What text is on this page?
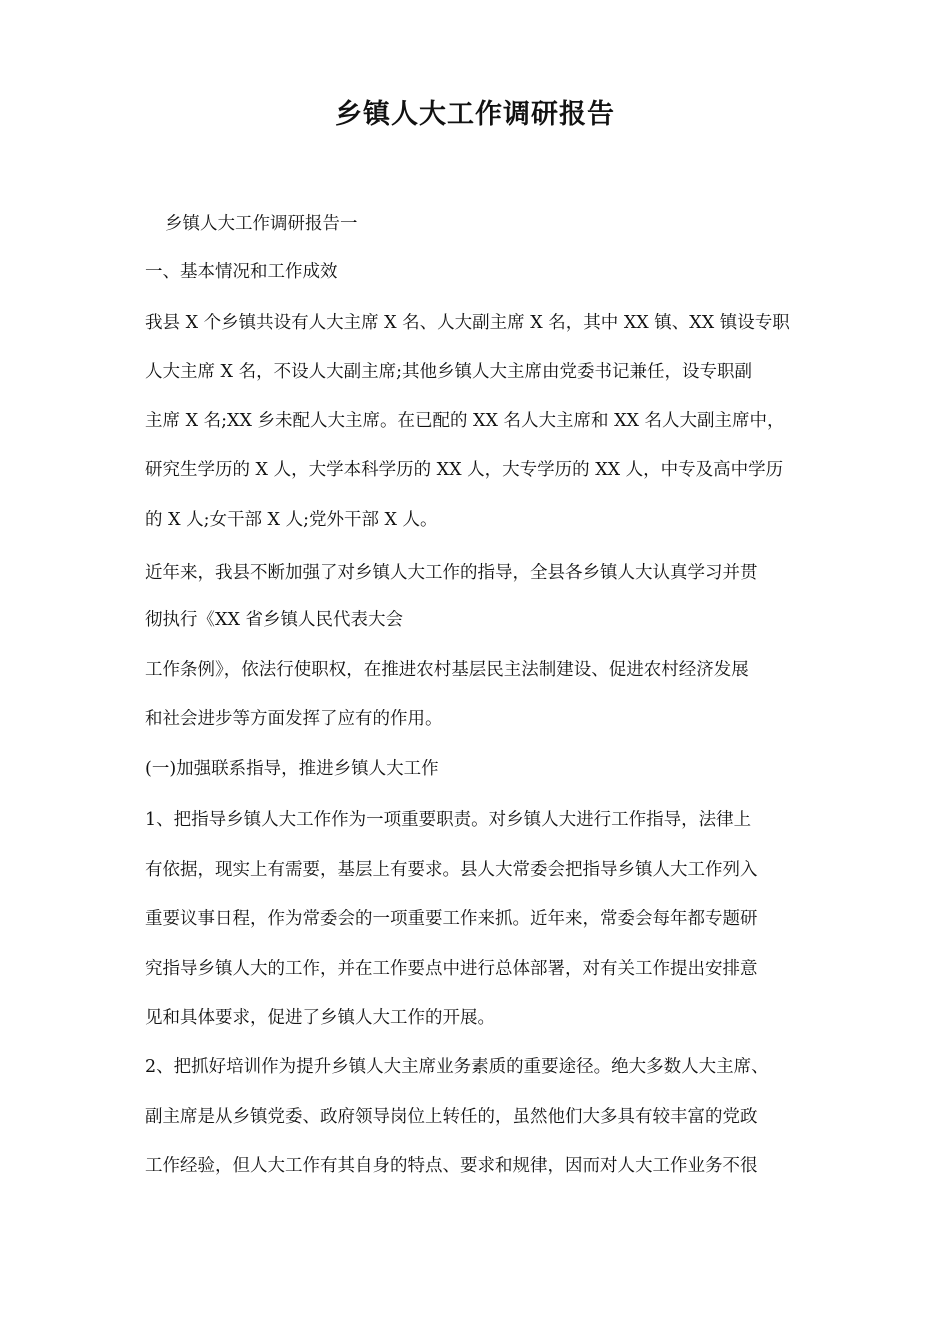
乡镇人大工作调研报告
乡镇人大工作调研报告一
一、基本情况和工作成效
我县 X 个乡镇共设有人大主席 X 名、人大副主席 X 名，其中 XX 镇、XX 镇设专职
人大主席 X 名，不设人大副主席;其他乡镇人大主席由党委书记兼任，设专职副
主席 X 名;XX 乡未配人大主席。在已配的 XX 名人大主席和 XX 名人大副主席中，
研究生学历的 X 人，大学本科学历的 XX 人，大专学历的 XX 人，中专及高中学历
的 X 人;女干部 X 人;党外干部 X 人。
近年来，我县不断加强了对乡镇人大工作的指导，全县各乡镇人大认真学习并贯
彻执行《XX 省乡镇人民代表大会
工作条例》，依法行使职权，在推进农村基层民主法制建设、促进农村经济发展
和社会进步等方面发挥了应有的作用。
(一)加强联系指导，推进乡镇人大工作
1、把指导乡镇人大工作作为一项重要职责。对乡镇人大进行工作指导，法律上
有依据，现实上有需要，基层上有要求。县人大常委会把指导乡镇人大工作列入
重要议事日程，作为常委会的一项重要工作来抓。近年来，常委会每年都专题研
究指导乡镇人大的工作，并在工作要点中进行总体部署，对有关工作提出安排意
见和具体要求，促进了乡镇人大工作的开展。
2、把抓好培训作为提升乡镇人大主席业务素质的重要途径。绝大多数人大主席、
副主席是从乡镇党委、政府领导岗位上转任的，虽然他们大多具有较丰富的党政
工作经验，但人大工作有其自身的特点、要求和规律，因而对人大工作业务不很
